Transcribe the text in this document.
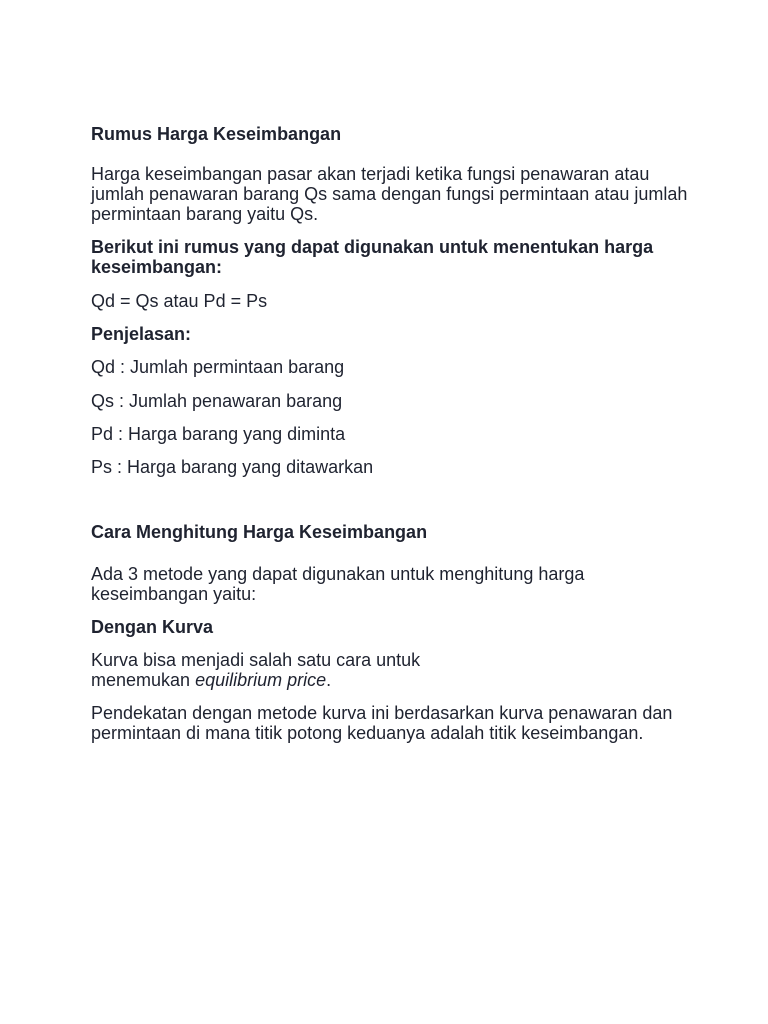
Rumus Harga Keseimbangan

Harga keseimbangan pasar akan terjadi ketika fungsi penawaran atau jumlah penawaran barang Qs sama dengan fungsi permintaan atau jumlah permintaan barang yaitu Qs.

Berikut ini rumus yang dapat digunakan untuk menentukan harga keseimbangan:

Qd = Qs atau Pd = Ps

Penjelasan:

Qd : Jumlah permintaan barang

Qs : Jumlah penawaran barang

Pd : Harga barang yang diminta

Ps : Harga barang yang ditawarkan

Cara Menghitung Harga Keseimbangan

Ada 3 metode yang dapat digunakan untuk menghitung harga keseimbangan yaitu:

Dengan Kurva

Kurva bisa menjadi salah satu cara untuk
menemukan equilibrium price.

Pendekatan dengan metode kurva ini berdasarkan kurva penawaran dan permintaan di mana titik potong keduanya adalah titik keseimbangan.
